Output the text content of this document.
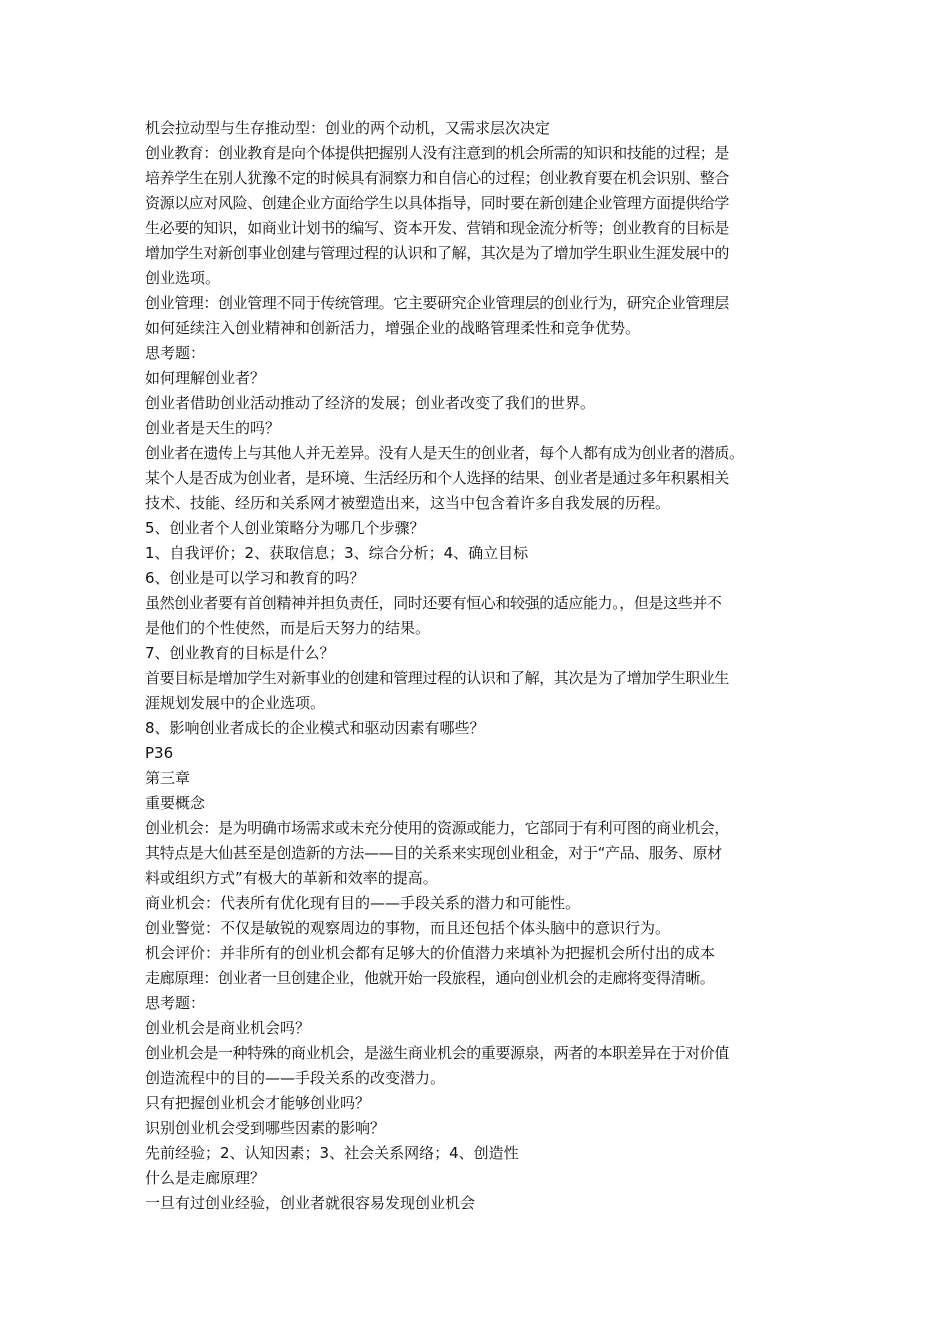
机会拉动型与生存推动型：创业的两个动机，又需求层次决定
创业教育：创业教育是向个体提供把握别人没有注意到的机会所需的知识和技能的过程；是
培养学生在别人犹豫不定的时候具有洞察力和自信心的过程；创业教育要在机会识别、整合
资源以应对风险、创建企业方面给学生以具体指导，同时要在新创建企业管理方面提供给学
生必要的知识，如商业计划书的编写、资本开发、营销和现金流分析等；创业教育的目标是
增加学生对新创事业创建与管理过程的认识和了解，其次是为了增加学生职业生涯发展中的
创业选项。
创业管理：创业管理不同于传统管理。它主要研究企业管理层的创业行为，研究企业管理层
如何延续注入创业精神和创新活力，增强企业的战略管理柔性和竞争优势。
思考题：
如何理解创业者？
创业者借助创业活动推动了经济的发展；创业者改变了我们的世界。
创业者是天生的吗？
创业者在遗传上与其他人并无差异。没有人是天生的创业者，每个人都有成为创业者的潜质。
某个人是否成为创业者，是环境、生活经历和个人选择的结果、创业者是通过多年积累相关
技术、技能、经历和关系网才被塑造出来，这当中包含着许多自我发展的历程。
5、创业者个人创业策略分为哪几个步骤？
1、自我评价；2、获取信息；3、综合分析；4、确立目标
6、创业是可以学习和教育的吗？
虽然创业者要有首创精神并担负责任，同时还要有恒心和较强的适应能力。，但是这些并不
是他们的个性使然，而是后天努力的结果。
7、创业教育的目标是什么？
首要目标是增加学生对新事业的创建和管理过程的认识和了解，其次是为了增加学生职业生
涯规划发展中的企业选项。
8、影响创业者成长的企业模式和驱动因素有哪些？
P36
第三章
重要概念
创业机会：是为明确市场需求或未充分使用的资源或能力，它部同于有利可图的商业机会，
其特点是大仙甚至是创造新的方法——目的关系来实现创业租金，对于“产品、服务、原材
料或组织方式”有极大的革新和效率的提高。
商业机会：代表所有优化现有目的——手段关系的潜力和可能性。
创业警觉：不仅是敏锐的观察周边的事物，而且还包括个体头脑中的意识行为。
机会评价：并非所有的创业机会都有足够大的价值潜力来填补为把握机会所付出的成本
走廊原理：创业者一旦创建企业，他就开始一段旅程，通向创业机会的走廊将变得清晰。
思考题：
创业机会是商业机会吗？
创业机会是一种特殊的商业机会，是滋生商业机会的重要源泉，两者的本职差异在于对价值
创造流程中的目的——手段关系的改变潜力。
只有把握创业机会才能够创业吗？
识别创业机会受到哪些因素的影响？
先前经验；2、认知因素；3、社会关系网络；4、创造性
什么是走廊原理？
一旦有过创业经验，创业者就很容易发现创业机会
